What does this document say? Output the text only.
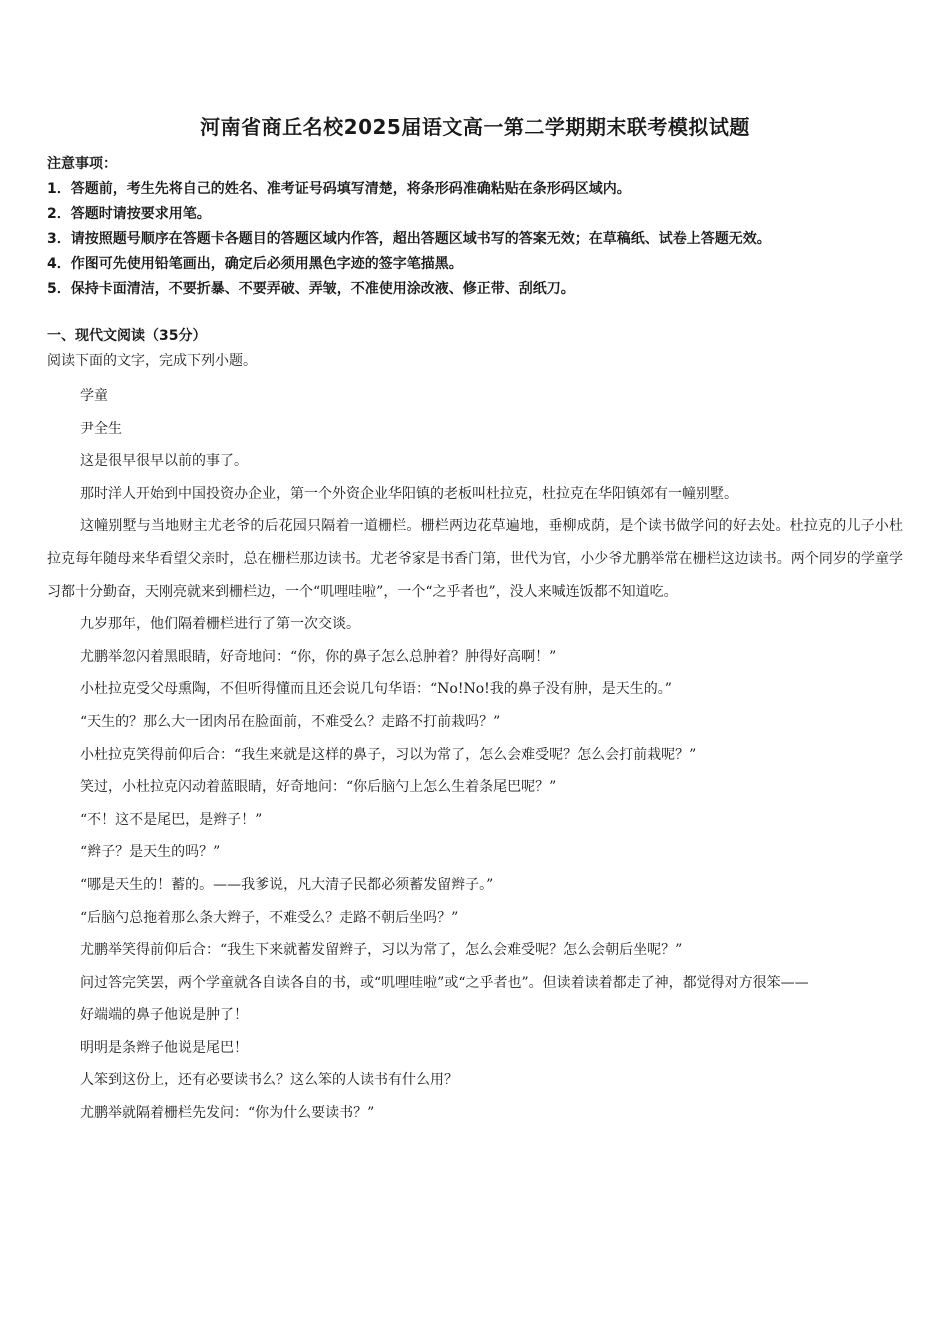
河南省商丘名校2025届语文高一第二学期期末联考模拟试题
注意事项：
1．答题前，考生先将自己的姓名、准考证号码填写清楚，将条形码准确粘贴在条形码区域内。
2．答题时请按要求用笔。
3．请按照题号顺序在答题卡各题目的答题区域内作答，超出答题区域书写的答案无效；在草稿纸、试卷上答题无效。
4．作图可先使用铅笔画出，确定后必须用黑色字迹的签字笔描黑。
5．保持卡面清洁，不要折暴、不要弄破、弄皱，不准使用涂改液、修正带、刮纸刀。
一、现代文阅读（35分）
阅读下面的文字，完成下列小题。

学童

尹全生

这是很早很早以前的事了。

那时洋人开始到中国投资办企业，第一个外资企业华阳镇的老板叫杜拉克，杜拉克在华阳镇郊有一幢别墅。

这幢别墅与当地财主尤老爷的后花园只隔着一道栅栏。栅栏两边花草遍地，垂柳成荫，是个读书做学问的好去处。杜拉克的儿子小杜拉克每年随母来华看望父亲时，总在栅栏那边读书。尤老爷家是书香门第，世代为官，小少爷尤鹏举常在栅栏这边读书。两个同岁的学童学习都十分勤奋，天刚亮就来到栅栏边，一个“叽哩哇啦”，一个“之乎者也”，没人来喊连饭都不知道吃。

九岁那年，他们隔着栅栏进行了第一次交谈。

尤鹏举忽闪着黑眼睛，好奇地问：“你，你的鼻子怎么总肿着？肿得好高啊！”

小杜拉克受父母熏陶，不但听得懂而且还会说几句华语：“No!No!我的鼻子没有肿，是天生的。”

“天生的？那么大一团肉吊在脸面前，不难受么？走路不打前栽吗？”

小杜拉克笑得前仰后合：“我生来就是这样的鼻子，习以为常了，怎么会难受呢？怎么会打前栽呢？”

笑过，小杜拉克闪动着蓝眼睛，好奇地问：“你后脑勺上怎么生着条尾巴呢？”

“不！这不是尾巴，是辫子！”

“辫子？是天生的吗？”

“哪是天生的！蓄的。——我爹说，凡大清子民都必须蓄发留辫子。”

“后脑勺总拖着那么条大辫子，不难受么？走路不朝后坐吗？”

尤鹏举笑得前仰后合：“我生下来就蓄发留辫子，习以为常了，怎么会难受呢？怎么会朝后坐呢？”

问过答完笑罢，两个学童就各自读各自的书，或“叽哩哇啦”或“之乎者也”。但读着读着都走了神，都觉得对方很笨——

好端端的鼻子他说是肿了！

明明是条辫子他说是尾巴！

人笨到这份上，还有必要读书么？这么笨的人读书有什么用？

尤鹏举就隔着栅栏先发问：“你为什么要读书？”
